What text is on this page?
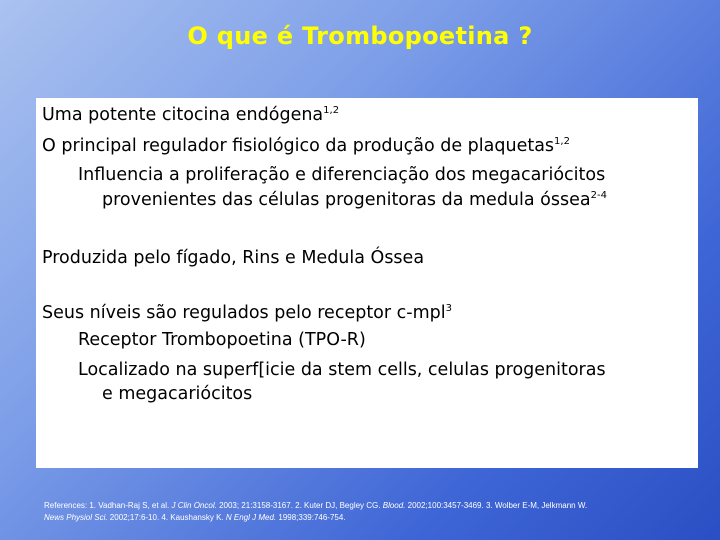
O que é Trombopoetina ?
Uma potente citocina endógena$^{1,2}$
O principal regulador fisiológico da produção de plaquetas$^{1,2}$
Influencia a proliferação e diferenciação dos megacariócitos
provenientes das células progenitoras da medula óssea$^{2-4}$
Produzida pelo fígado, Rins e Medula Óssea
Seus níveis são regulados pelo receptor c-mpl$^3$
Receptor Trombopoetina (TPO-R)
Localizado na superf[icie da stem cells, celulas progenitoras
e megacariócitos
References: 1. Vadhan-Raj S, et al. J Clin Oncol. 2003; 21:3158-3167. 2. Kuter DJ, Begley CG. Blood. 2002;100:3457-3469. 3. Wolber E-M, Jelkmann W.
News Physiol Sci. 2002;17:6-10. 4. Kaushansky K. N Engl J Med. 1998;339:746-754.
